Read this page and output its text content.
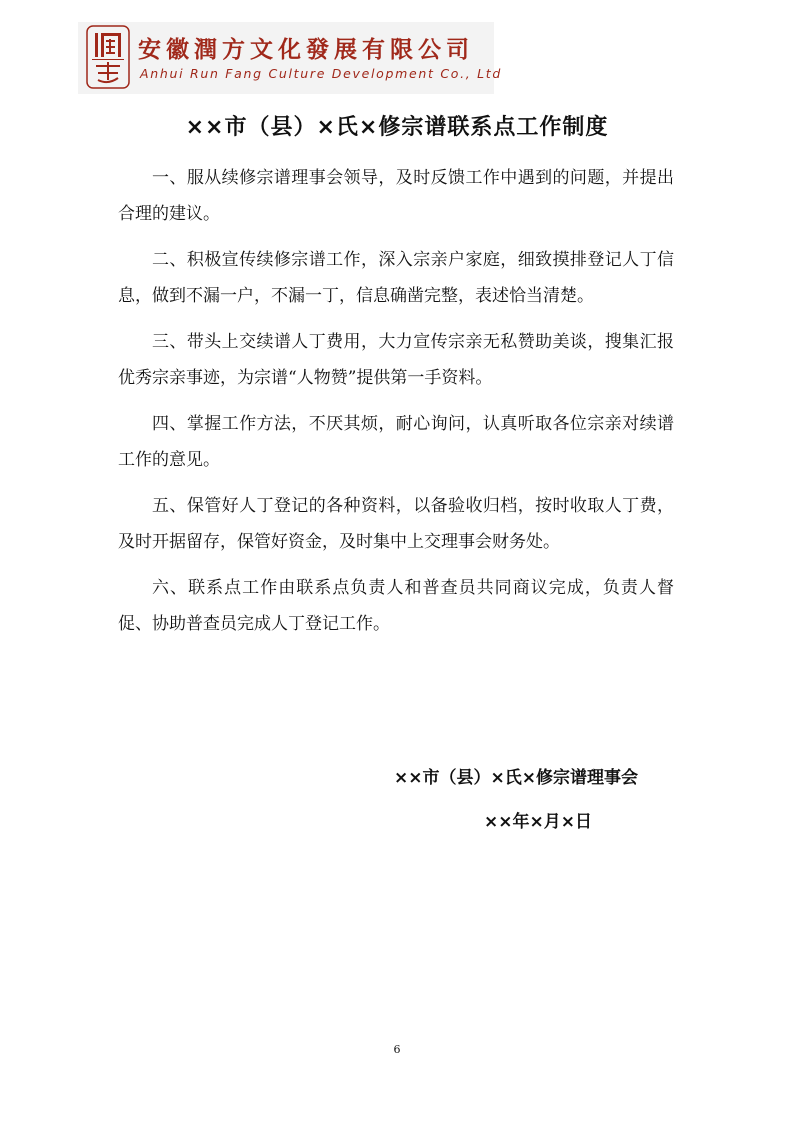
安徽潤方文化發展有限公司
Anhui Run Fang Culture Development Co., Ltd
××市（县）×氏×修宗谱联系点工作制度

一、服从续修宗谱理事会领导，及时反馈工作中遇到的问题，并提出合理的建议。

二、积极宣传续修宗谱工作，深入宗亲户家庭，细致摸排登记人丁信息，做到不漏一户，不漏一丁，信息确凿完整，表述恰当清楚。

三、带头上交续谱人丁费用，大力宣传宗亲无私赞助美谈，搜集汇报优秀宗亲事迹，为宗谱“人物赞”提供第一手资料。

四、掌握工作方法，不厌其烦，耐心询问，认真听取各位宗亲对续谱工作的意见。

五、保管好人丁登记的各种资料，以备验收归档，按时收取人丁费，及时开据留存，保管好资金，及时集中上交理事会财务处。

六、联系点工作由联系点负责人和普查员共同商议完成，负责人督促、协助普查员完成人丁登记工作。

××市（县）×氏×修宗谱理事会
××年×月×日
6
